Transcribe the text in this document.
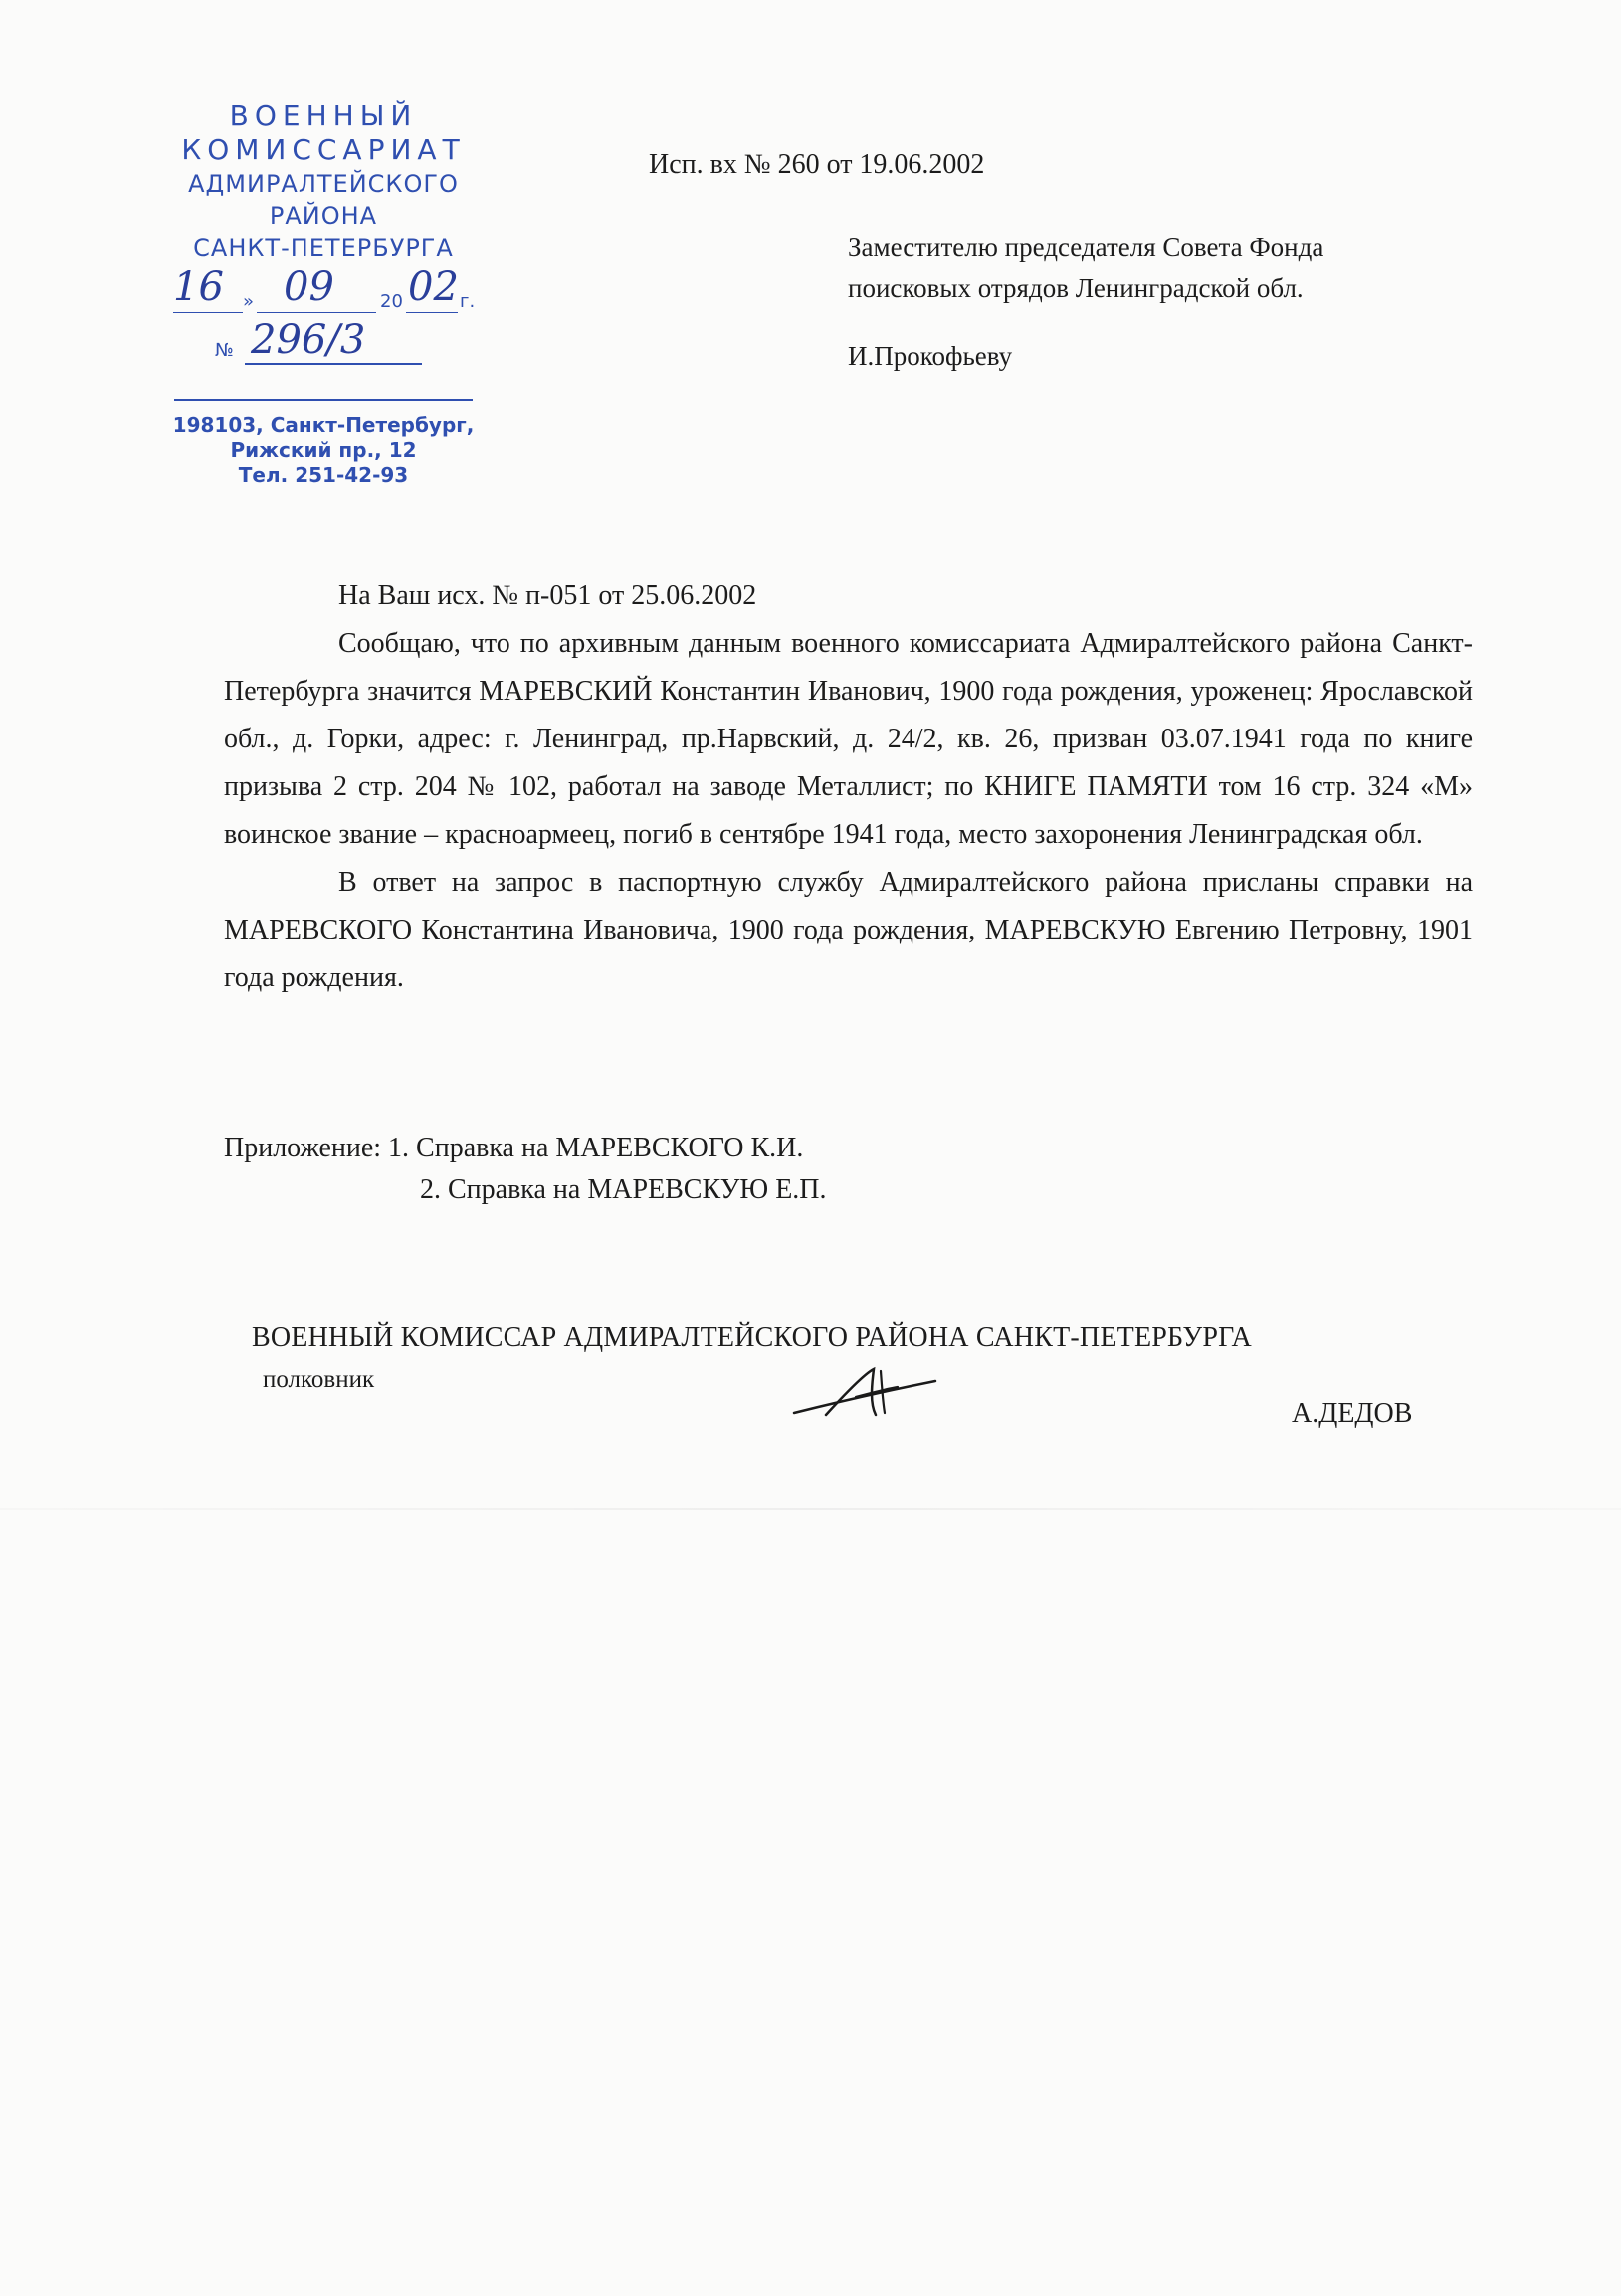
ВОЕННЫЙ
КОМИССАРИАТ
АДМИРАЛТЕЙСКОГО
РАЙОНА
САНКТ-ПЕТЕРБУРГА
16 » 09	20 02 г.
№ 296/3
198103, Санкт-Петербург,
Рижский пр., 12
Тел. 251-42-93
Исп. вх № 260 от 19.06.2002
Заместителю председателя Совета Фонда
поисковых отрядов Ленинградской обл.
И.Прокофьеву

На Ваш исх. № п-051 от 25.06.2002

Сообщаю, что по архивным данным военного комиссариата Адмиралтейского района Санкт-Петербурга значится МАРЕВСКИЙ Константин Иванович, 1900 года рождения, уроженец: Ярославской обл., д. Горки, адрес: г. Ленинград, пр.Нарвский, д. 24/2, кв. 26, призван 03.07.1941 года по книге призыва 2 стр. 204 № 102, работал на заводе Металлист; по КНИГЕ ПАМЯТИ том 16 стр. 324 «М» воинское звание – красноармеец, погиб в сентябре 1941 года, место захоронения Ленинградская обл.

В ответ на запрос в паспортную службу Адмиралтейского района присланы справки на МАРЕВСКОГО Константина Ивановича, 1900 года рождения, МАРЕВСКУЮ Евгению Петровну, 1901 года рождения.

Приложение: 1. Справка на МАРЕВСКОГО К.И.
2. Справка на МАРЕВСКУЮ Е.П.
ВОЕННЫЙ КОМИССАР АДМИРАЛТЕЙСКОГО РАЙОНА САНКТ-ПЕТЕРБУРГА
полковник
А.ДЕДОВ
